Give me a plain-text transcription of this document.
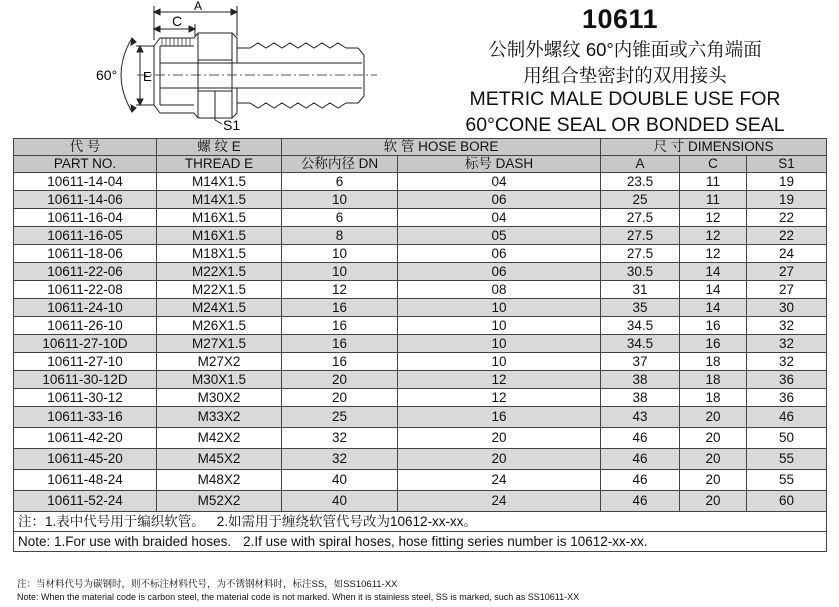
A
C
E
60°
S1
10611
公制外螺纹 60°内锥面或六角端面
用组合垫密封的双用接头
METRIC MALE DOUBLE USE FOR
60°CONE SEAL OR BONDED SEAL
代 号	螺 纹 E	软 管 HOSE BORE		尺 寸 DIMENSIONS		
PART NO.	THREAD E	公称内径 DN	标号 DASH	A	C	S1
10611-14-04	M14X1.5	6	04	23.5	11	19
10611-14-06	M14X1.5	10	06	25	11	19
10611-16-04	M16X1.5	6	04	27.5	12	22
10611-16-05	M16X1.5	8	05	27.5	12	22
10611-18-06	M18X1.5	10	06	27.5	12	24
10611-22-06	M22X1.5	10	06	30.5	14	27
10611-22-08	M22X1.5	12	08	31	14	27
10611-24-10	M24X1.5	16	10	35	14	30
10611-26-10	M26X1.5	16	10	34.5	16	32
10611-27-10D	M27X1.5	16	10	34.5	16	32
10611-27-10	M27X2	16	10	37	18	32
10611-30-12D	M30X1.5	20	12	38	18	36
10611-30-12	M30X2	20	12	38	18	36
10611-33-16	M33X2	25	16	43	20	46
10611-42-20	M42X2	32	20	46	20	50
10611-45-20	M45X2	32	20	46	20	55
10611-48-24	M48X2	40	24	46	20	55
10611-52-24	M52X2	40	24	46	20	60
注：1.表中代号用于编织软管。 2.如需用于缠绕软管代号改为10612-xx-xx。						
Note: 1.For use with braided hoses. 2.If use with spiral hoses, hose fitting series number is 10612-xx-xx.						
注：当材料代号为碳钢时，则不标注材料代号，为不锈钢材料时，标注SS，如SS10611-XX
Note: When the material code is carbon steel, the material code is not marked. When it is stainless steel, SS is marked, such as SS10611-XX
